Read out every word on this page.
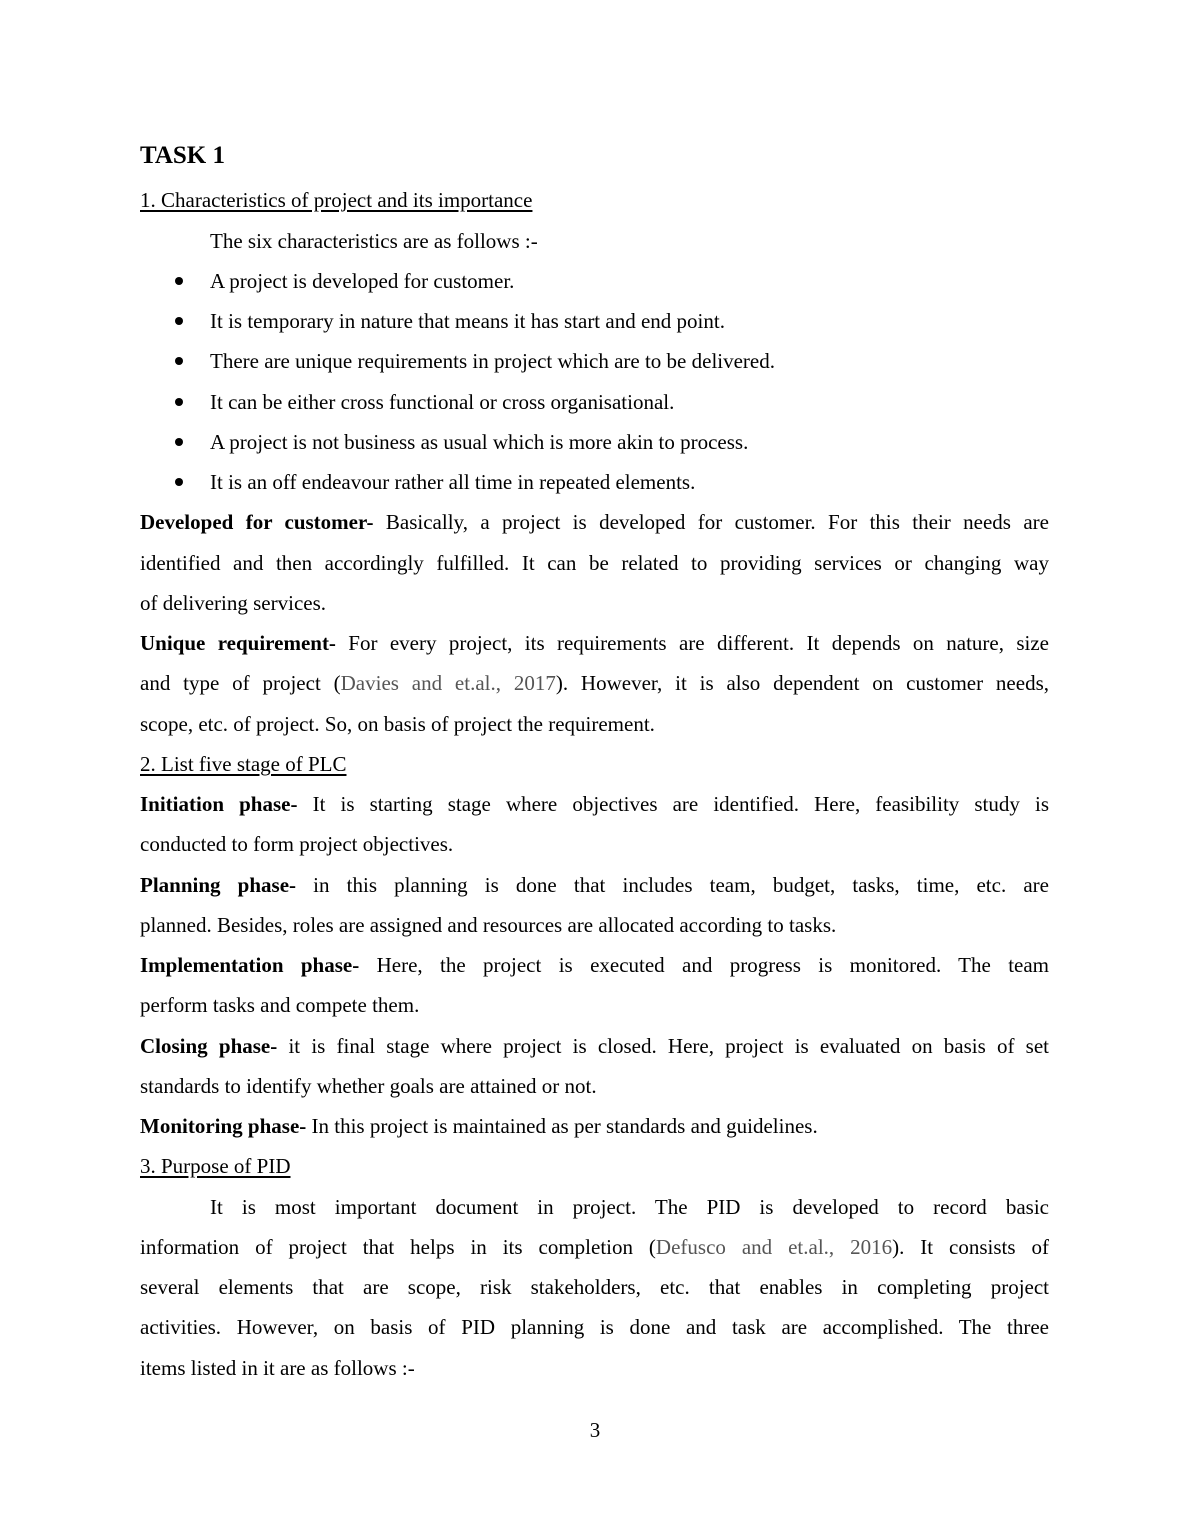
TASK 1
1. Characteristics of project and its importance
The six characteristics are as follows :-
A project is developed for customer.
It is temporary in nature that means it has start and end point.
There are unique requirements in project which are to be delivered.
It can be either cross functional or cross organisational.
A project is not business as usual which is more akin to process.
It is an off endeavour rather all time in repeated elements.
Developed for customer- Basically, a project is developed for customer. For this their needs are
identified and then accordingly fulfilled. It can be related to providing services or changing way
of delivering services.
Unique requirement- For every project, its requirements are different. It depends on nature, size
and type of project (Davies and et.al., 2017). However, it is also dependent on customer needs,
scope, etc. of project. So, on basis of project the requirement.
2. List five stage of PLC
Initiation phase- It is starting stage where objectives are identified. Here, feasibility study is
conducted to form project objectives.
Planning phase- in this planning is done that includes team, budget, tasks, time, etc. are
planned. Besides, roles are assigned and resources are allocated according to tasks.
Implementation phase- Here, the project is executed and progress is monitored. The team
perform tasks and compete them.
Closing phase- it is final stage where project is closed. Here, project is evaluated on basis of set
standards to identify whether goals are attained or not.
Monitoring phase- In this project is maintained as per standards and guidelines.
3. Purpose of PID
It is most important document in project. The PID is developed to record basic
information of project that helps in its completion (Defusco and et.al., 2016). It consists of
several elements that are scope, risk stakeholders, etc. that enables in completing project
activities. However, on basis of PID planning is done and task are accomplished. The three
items listed in it are as follows :-
3
